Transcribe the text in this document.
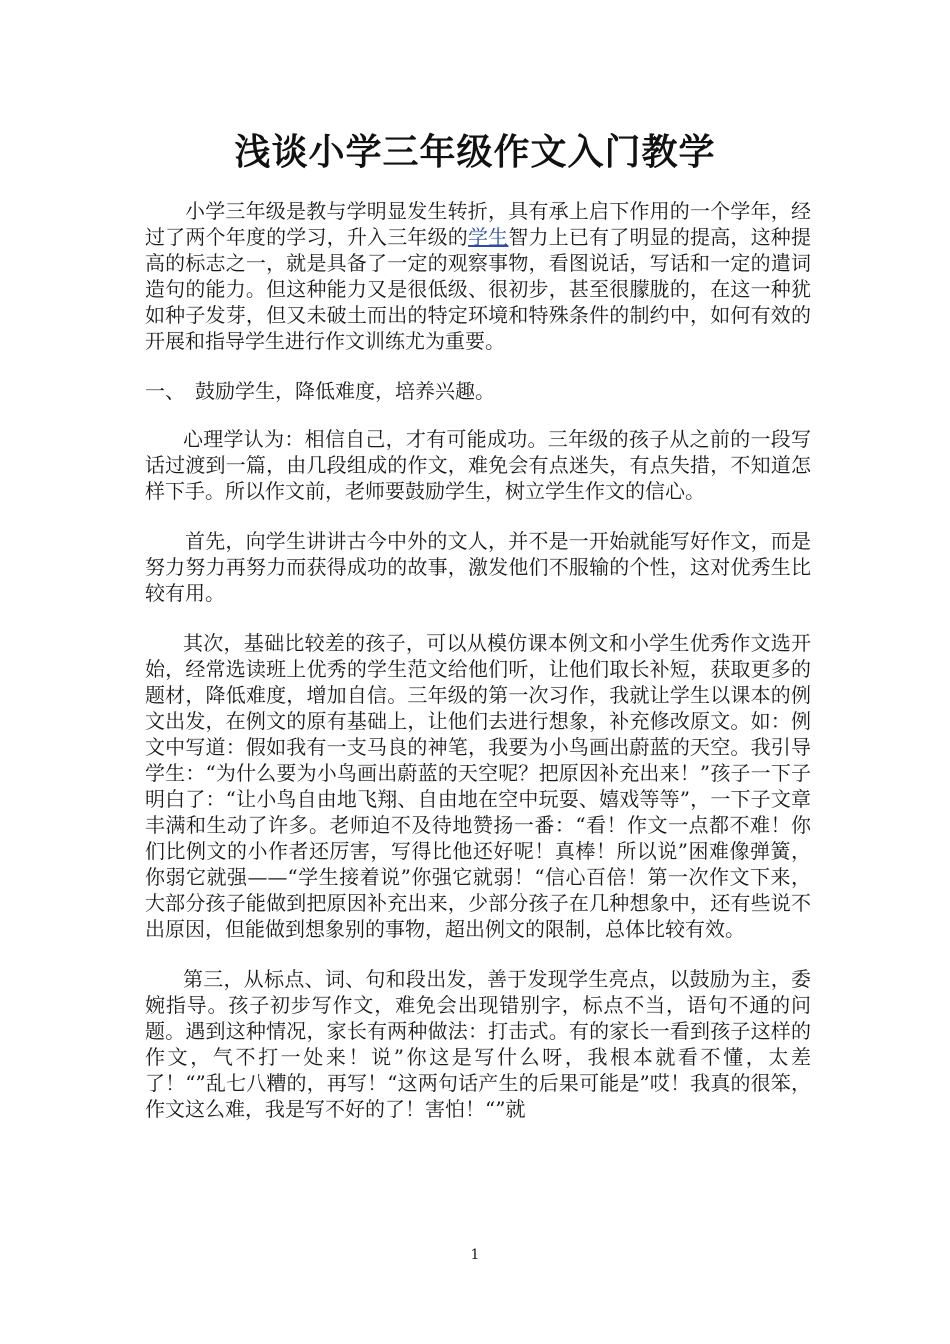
浅谈小学三年级作文入门教学

小学三年级是教与学明显发生转折，具有承上启下作用的一个学年，经过了两个年度的学习，升入三年级的学生智力上已有了明显的提高，这种提高的标志之一，就是具备了一定的观察事物，看图说话，写话和一定的遣词造句的能力。但这种能力又是很低级、很初步，甚至很朦胧的，在这一种犹如种子发芽，但又未破土而出的特定环境和特殊条件的制约中，如何有效的开展和指导学生进行作文训练尤为重要。

一、　鼓励学生，降低难度，培养兴趣。

心理学认为：相信自己，才有可能成功。三年级的孩子从之前的一段写话过渡到一篇，由几段组成的作文，难免会有点迷失，有点失措，不知道怎样下手。所以作文前，老师要鼓励学生，树立学生作文的信心。

首先，向学生讲讲古今中外的文人，并不是一开始就能写好作文，而是努力努力再努力而获得成功的故事，激发他们不服输的个性，这对优秀生比较有用。

其次，基础比较差的孩子，可以从模仿课本例文和小学生优秀作文选开始，经常选读班上优秀的学生范文给他们听，让他们取长补短，获取更多的题材，降低难度，增加自信。三年级的第一次习作，我就让学生以课本的例文出发，在例文的原有基础上，让他们去进行想象，补充修改原文。如：例文中写道：假如我有一支马良的神笔，我要为小鸟画出蔚蓝的天空。我引导学生：“为什么要为小鸟画出蔚蓝的天空呢？把原因补充出来！”孩子一下子明白了：“让小鸟自由地飞翔、自由地在空中玩耍、嬉戏等等”，一下子文章丰满和生动了许多。老师迫不及待地赞扬一番：“看！作文一点都不难！你们比例文的小作者还厉害，写得比他还好呢！真棒！所以说”困难像弹簧，你弱它就强——“学生接着说”你强它就弱！“信心百倍！第一次作文下来，大部分孩子能做到把原因补充出来，少部分孩子在几种想象中，还有些说不出原因，但能做到想象别的事物，超出例文的限制，总体比较有效。

第三，从标点、词、句和段出发，善于发现学生亮点，以鼓励为主，委婉指导。孩子初步写作文，难免会出现错别字，标点不当，语句不通的问题。遇到这种情况，家长有两种做法：打击式。有的家长一看到孩子这样的作文，气不打一处来！说”你这是写什么呀，我根本就看不懂，太差了！“”乱七八糟的，再写！“这两句话产生的后果可能是”哎！我真的很笨，作文这么难，我是写不好的了！害怕！“”就

1
